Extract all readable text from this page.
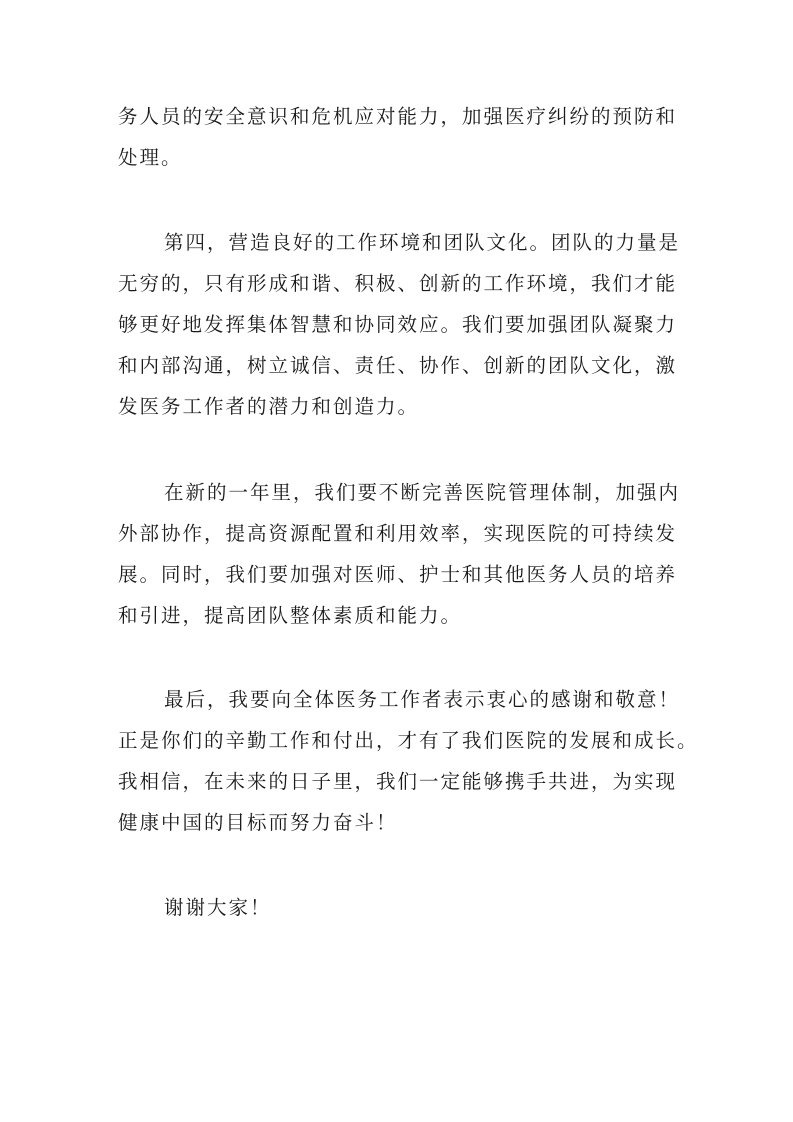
务人员的安全意识和危机应对能力，加强医疗纠纷的预防和
处理。
第四，营造良好的工作环境和团队文化。团队的力量是
无穷的，只有形成和谐、积极、创新的工作环境，我们才能
够更好地发挥集体智慧和协同效应。我们要加强团队凝聚力
和内部沟通，树立诚信、责任、协作、创新的团队文化，激
发医务工作者的潜力和创造力。
在新的一年里，我们要不断完善医院管理体制，加强内
外部协作，提高资源配置和利用效率，实现医院的可持续发
展。同时，我们要加强对医师、护士和其他医务人员的培养
和引进，提高团队整体素质和能力。
最后，我要向全体医务工作者表示衷心的感谢和敬意！
正是你们的辛勤工作和付出，才有了我们医院的发展和成长。
我相信，在未来的日子里，我们一定能够携手共进，为实现
健康中国的目标而努力奋斗！
谢谢大家！
